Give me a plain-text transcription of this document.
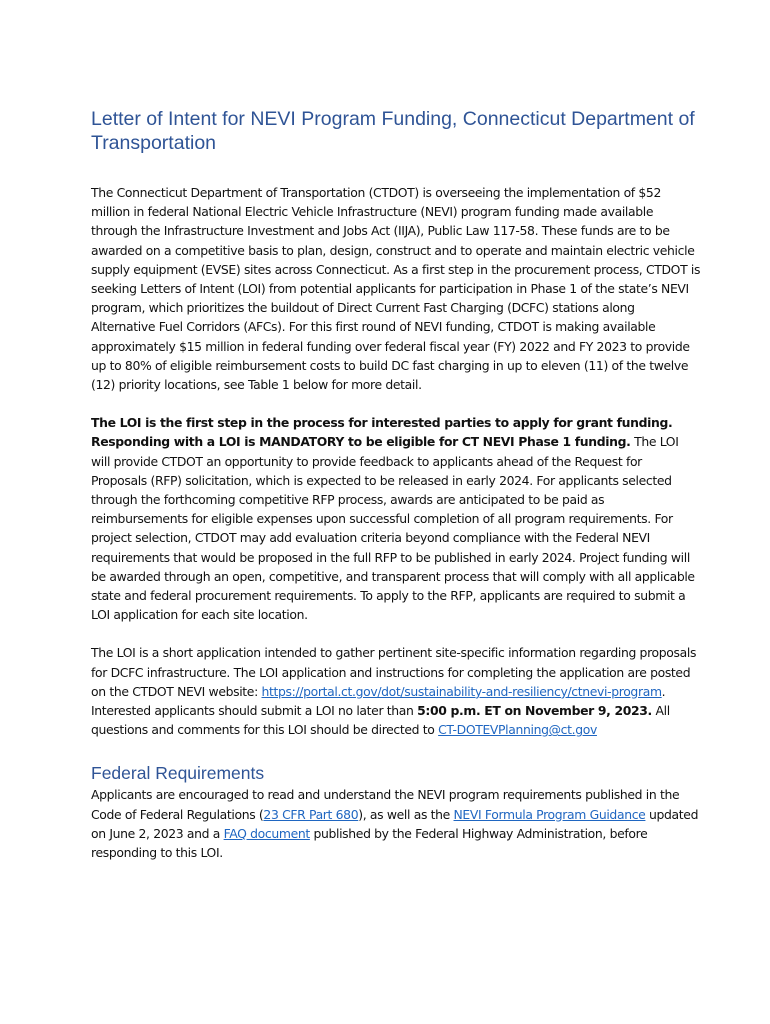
Letter of Intent for NEVI Program Funding, Connecticut Department of Transportation

The Connecticut Department of Transportation (CTDOT) is overseeing the implementation of $52 million in federal National Electric Vehicle Infrastructure (NEVI) program funding made available through the Infrastructure Investment and Jobs Act (IIJA), Public Law 117-58. These funds are to be awarded on a competitive basis to plan, design, construct and to operate and maintain electric vehicle supply equipment (EVSE) sites across Connecticut. As a first step in the procurement process, CTDOT is seeking Letters of Intent (LOI) from potential applicants for participation in Phase 1 of the state’s NEVI program, which prioritizes the buildout of Direct Current Fast Charging (DCFC) stations along Alternative Fuel Corridors (AFCs). For this first round of NEVI funding, CTDOT is making available approximately $15 million in federal funding over federal fiscal year (FY) 2022 and FY 2023 to provide up to 80% of eligible reimbursement costs to build DC fast charging in up to eleven (11) of the twelve (12) priority locations, see Table 1 below for more detail.

The LOI is the first step in the process for interested parties to apply for grant funding. Responding with a LOI is MANDATORY to be eligible for CT NEVI Phase 1 funding. The LOI will provide CTDOT an opportunity to provide feedback to applicants ahead of the Request for Proposals (RFP) solicitation, which is expected to be released in early 2024. For applicants selected through the forthcoming competitive RFP process, awards are anticipated to be paid as reimbursements for eligible expenses upon successful completion of all program requirements. For project selection, CTDOT may add evaluation criteria beyond compliance with the Federal NEVI requirements that would be proposed in the full RFP to be published in early 2024. Project funding will be awarded through an open, competitive, and transparent process that will comply with all applicable state and federal procurement requirements. To apply to the RFP, applicants are required to submit a LOI application for each site location.

The LOI is a short application intended to gather pertinent site-specific information regarding proposals for DCFC infrastructure. The LOI application and instructions for completing the application are posted on the CTDOT NEVI website: https://portal.ct.gov/dot/sustainability-and-resiliency/ctnevi-program. Interested applicants should submit a LOI no later than 5:00 p.m. ET on November 9, 2023. All questions and comments for this LOI should be directed to CT-DOTEVPlanning@ct.gov

Federal Requirements

Applicants are encouraged to read and understand the NEVI program requirements published in the Code of Federal Regulations (23 CFR Part 680), as well as the NEVI Formula Program Guidance updated on June 2, 2023 and a FAQ document published by the Federal Highway Administration, before responding to this LOI.
